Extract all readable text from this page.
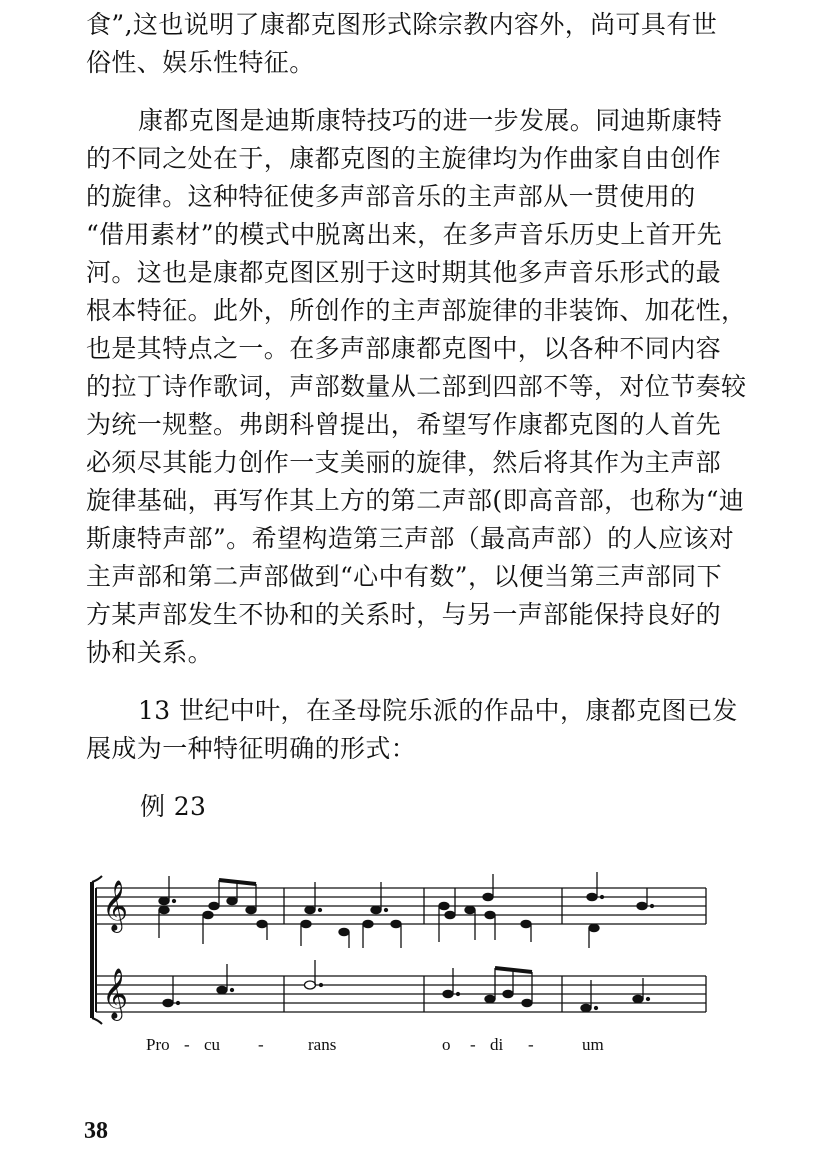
食”,这也说明了康都克图形式除宗教内容外，尚可具有世
俗性、娱乐性特征。
康都克图是迪斯康特技巧的进一步发展。同迪斯康特
的不同之处在于，康都克图的主旋律均为作曲家自由创作
的旋律。这种特征使多声部音乐的主声部从一贯使用的
“借用素材”的模式中脱离出来，在多声音乐历史上首开先
河。这也是康都克图区别于这时期其他多声音乐形式的最
根本特征。此外，所创作的主声部旋律的非装饰、加花性，
也是其特点之一。在多声部康都克图中，以各种不同内容
的拉丁诗作歌词，声部数量从二部到四部不等，对位节奏较
为统一规整。弗朗科曾提出，希望写作康都克图的人首先
必须尽其能力创作一支美丽的旋律，然后将其作为主声部
旋律基础，再写作其上方的第二声部(即高音部，也称为“迪
斯康特声部”。希望构造第三声部（最高声部）的人应该对
主声部和第二声部做到“心中有数”，以便当第三声部同下
方某声部发生不协和的关系时，与另一声部能保持良好的
协和关系。
13 世纪中叶，在圣母院乐派的作品中，康都克图已发
展成为一种特征明确的形式：
例 23
𝄞
𝄞
Pro - cu -	rans	o - di -	um
38
